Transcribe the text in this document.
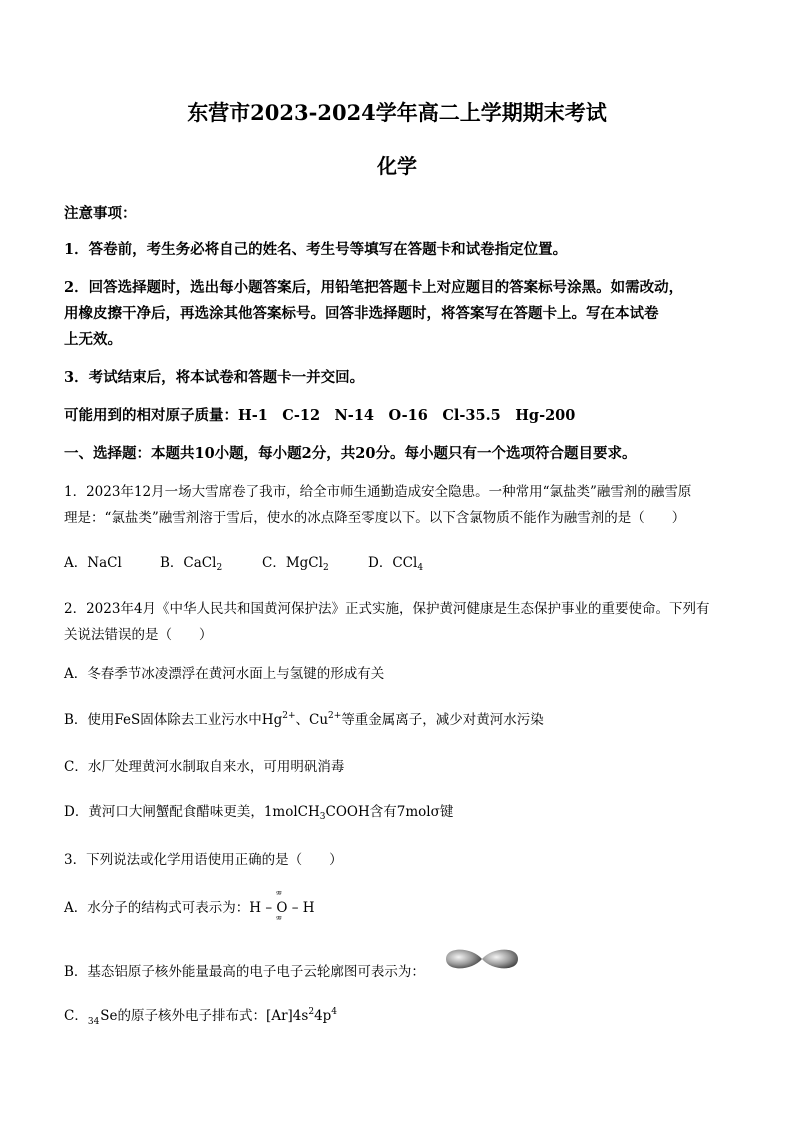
东营市2023-2024学年高二上学期期末考试
化学
注意事项：
1．答卷前，考生务必将自己的姓名、考生号等填写在答题卡和试卷指定位置。
2．回答选择题时，选出每小题答案后，用铅笔把答题卡上对应题目的答案标号涂黑。如需改动，
用橡皮擦干净后，再选涂其他答案标号。回答非选择题时，将答案写在答题卡上。写在本试卷
上无效。
3．考试结束后，将本试卷和答题卡一并交回。
可能用到的相对原子质量：H-1　C-12　N-14　O-16　Cl-35.5　Hg-200
一、选择题：本题共10小题，每小题2分，共20分。每小题只有一个选项符合题目要求。
1．2023年12月一场大雪席卷了我市，给全市师生通勤造成安全隐患。一种常用“氯盐类”融雪剂的融雪原
理是：“氯盐类”融雪剂溶于雪后，使水的冰点降至零度以下。以下含氯物质不能作为融雪剂的是（　　）
A．NaCl	B．CaCl$_2$	C．MgCl$_2$	D．CCl$_4$
2．2023年4月《中华人民共和国黄河保护法》正式实施，保护黄河健康是生态保护事业的重要使命。下列有
关说法错误的是（　　）
A．冬春季节冰凌漂浮在黄河水面上与氢键的形成有关
B．使用FeS固体除去工业污水中$Hg^{2+}$、$Cu^{2+}$等重金属离子，减少对黄河水污染
C．水厂处理黄河水制取自来水，可用明矾消毒
D．黄河口大闸蟹配食醋味更美，1molCH$_3$COOH含有7molσ键
3．下列说法或化学用语使用正确的是（　　）
A．水分子的结构式可表示为：H – O – H
ᵍᵍ
ᵍᵍ
B．基态铝原子核外能量最高的电子电子云轮廓图可表示为：
C．$_{34}$Se的原子核外电子排布式：$[Ar]4s^24p^4$
